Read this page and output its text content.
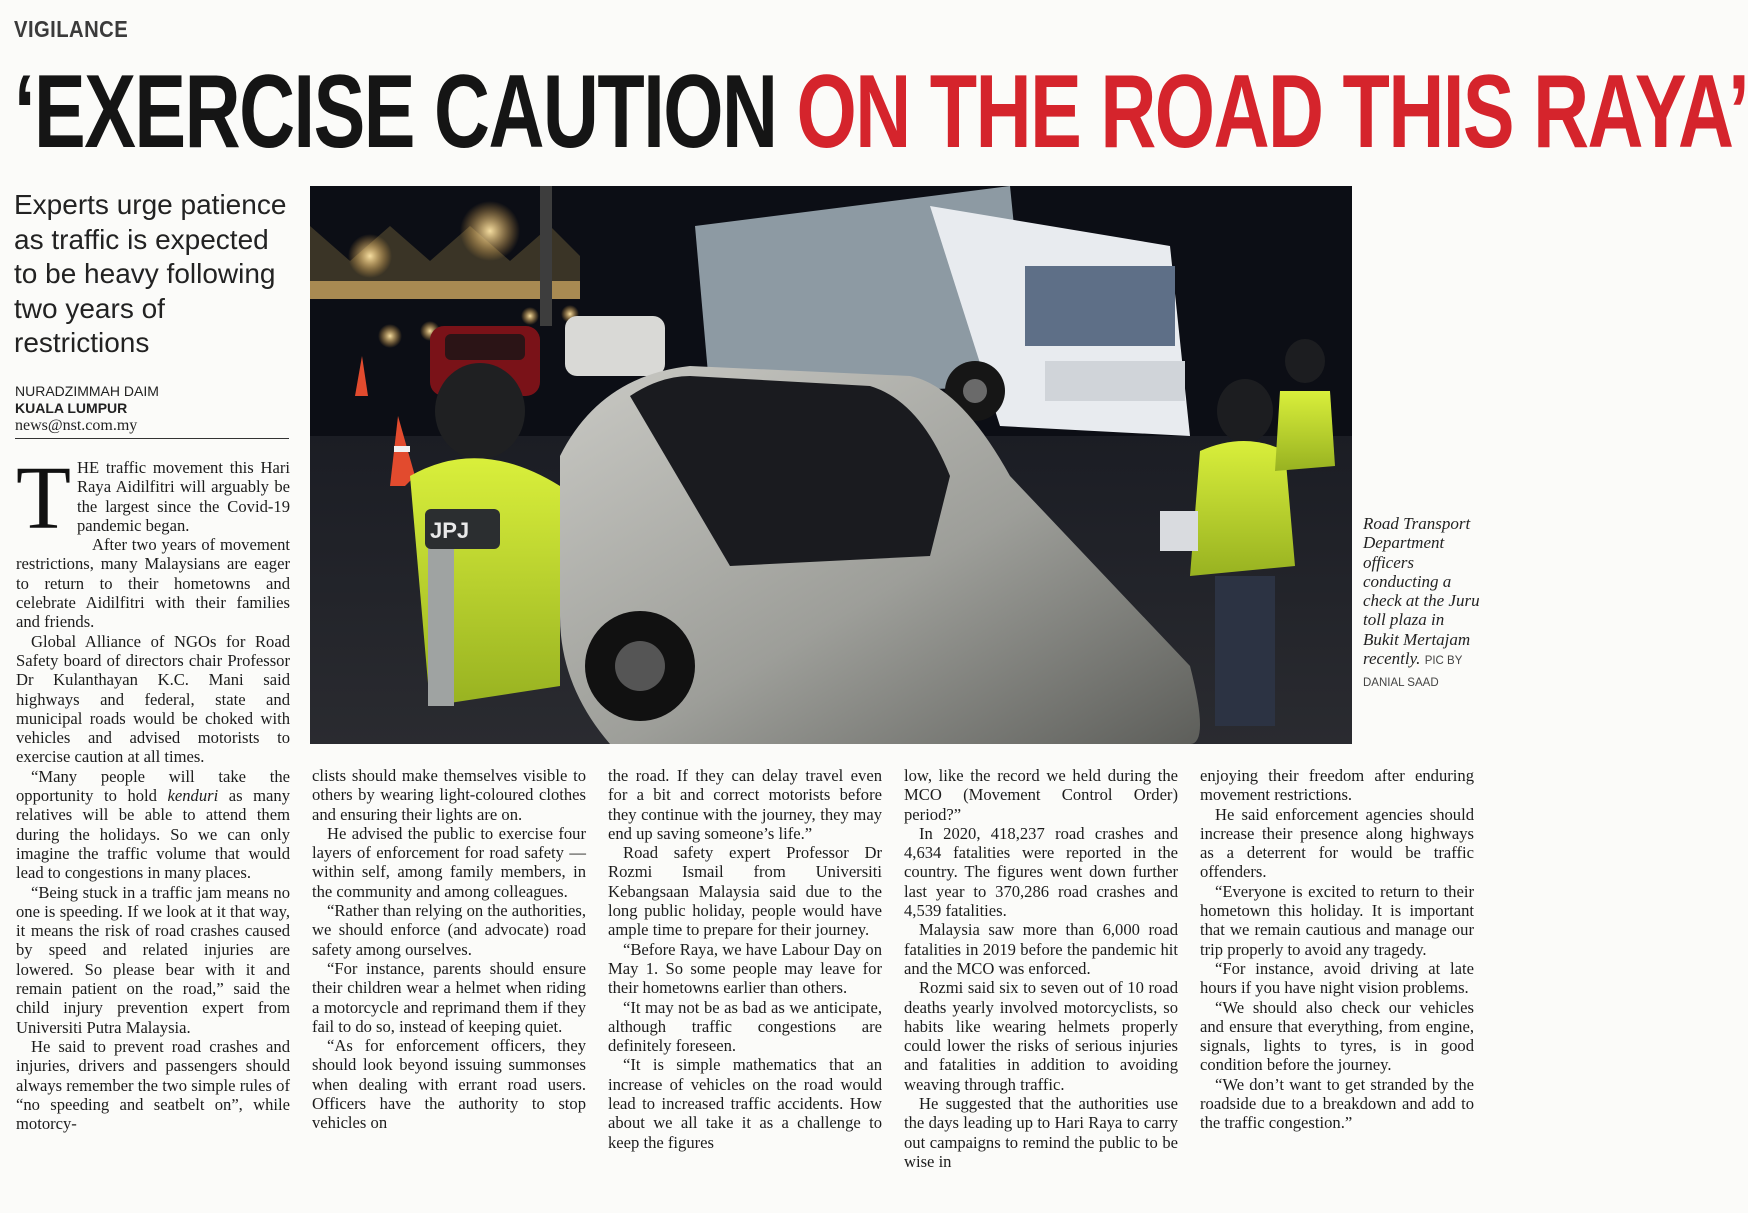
VIGILANCE
‘EXERCISE CAUTION ON THE ROAD THIS RAYA’
Experts urge patience as traffic is expected to be heavy following two years of restrictions
NURADZIMMAH DAIM
KUALA LUMPUR
news@nst.com.my
JPJ	Road Transport Department officers conducting a check at the Juru toll plaza in Bukit Mertajam recently. PIC BY DANIAL SAAD

THE traffic movement this Hari Raya Aidilfitri will arguably be the largest since the Covid-19 pandemic began.

After two years of movement restrictions, many Malaysians are eager to return to their hometowns and celebrate Aidilfitri with their families and friends.

Global Alliance of NGOs for Road Safety board of directors chair Professor Dr Kulanthayan K.C. Mani said highways and federal, state and municipal roads would be choked with vehicles and advised motorists to exercise caution at all times.

“Many people will take the opportunity to hold kenduri as many relatives will be able to attend them during the holidays. So we can only imagine the traffic volume that would lead to congestions in many places.

“Being stuck in a traffic jam means no one is speeding. If we look at it that way, it means the risk of road crashes caused by speed and related injuries are lowered. So please bear with it and remain patient on the road,” said the child injury prevention expert from Universiti Putra Malaysia.

He said to prevent road crashes and injuries, drivers and passengers should always remember the two simple rules of “no speeding and seatbelt on”, while motorcy-

clists should make themselves visible to others by wearing light-coloured clothes and ensuring their lights are on.

He advised the public to exercise four layers of enforcement for road safety — within self, among family members, in the community and among colleagues.

“Rather than relying on the authorities, we should enforce (and advocate) road safety among ourselves.

“For instance, parents should ensure their children wear a helmet when riding a motorcycle and reprimand them if they fail to do so, instead of keeping quiet.

“As for enforcement officers, they should look beyond issuing summonses when dealing with errant road users. Officers have the authority to stop vehicles on

the road. If they can delay travel even for a bit and correct motorists before they continue with the journey, they may end up saving someone’s life.”

Road safety expert Professor Dr Rozmi Ismail from Universiti Kebangsaan Malaysia said due to the long public holiday, people would have ample time to prepare for their journey.

“Before Raya, we have Labour Day on May 1. So some people may leave for their hometowns earlier than others.

“It may not be as bad as we anticipate, although traffic congestions are definitely foreseen.

“It is simple mathematics that an increase of vehicles on the road would lead to increased traffic accidents. How about we all take it as a challenge to keep the figures

low, like the record we held during the MCO (Movement Control Order) period?”

In 2020, 418,237 road crashes and 4,634 fatalities were reported in the country. The figures went down further last year to 370,286 road crashes and 4,539 fatalities.

Malaysia saw more than 6,000 road fatalities in 2019 before the pandemic hit and the MCO was enforced.

Rozmi said six to seven out of 10 road deaths yearly involved motorcyclists, so habits like wearing helmets properly could lower the risks of serious injuries and fatalities in addition to avoiding weaving through traffic.

He suggested that the authorities use the days leading up to Hari Raya to carry out campaigns to remind the public to be wise in

enjoying their freedom after enduring movement restrictions.

He said enforcement agencies should increase their presence along highways as a deterrent for would be traffic offenders.

“Everyone is excited to return to their hometown this holiday. It is important that we remain cautious and manage our trip properly to avoid any tragedy.

“For instance, avoid driving at late hours if you have night vision problems.

“We should also check our vehicles and ensure that everything, from engine, signals, lights to tyres, is in good condition before the journey.

“We don’t want to get stranded by the roadside due to a breakdown and add to the traffic congestion.”
